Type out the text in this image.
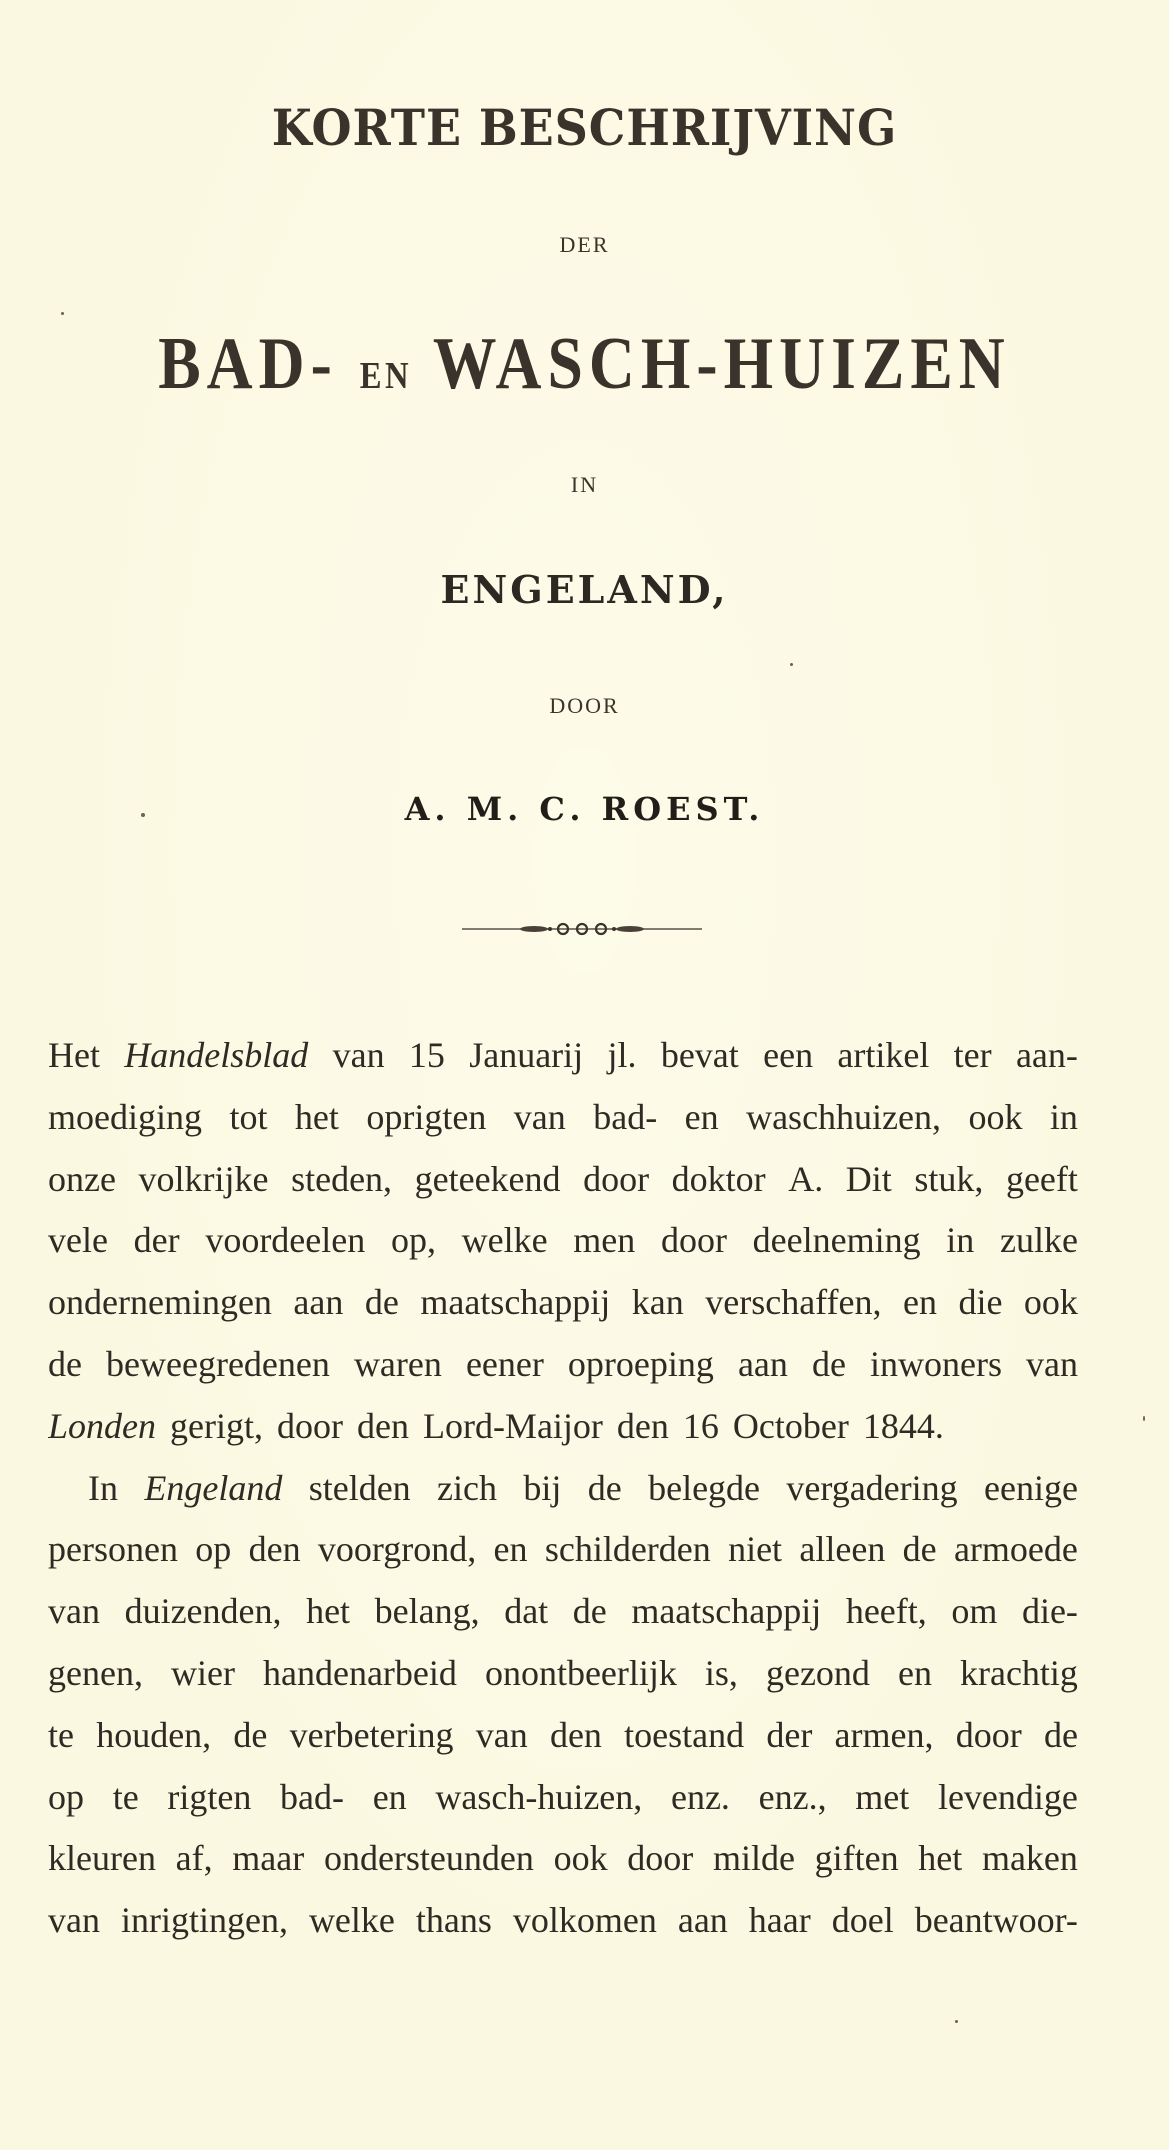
KORTE BESCHRIJVING
DER
BAD- EN WASCH-HUIZEN
IN
ENGELAND,
DOOR
A. M. C. ROEST.
Het Handelsblad van 15 Januarij jl. bevat een artikel ter aan-
moediging tot het oprigten van bad- en waschhuizen, ook in
onze volkrijke steden, geteekend door doktor A. Dit stuk, geeft
vele der voordeelen op, welke men door deelneming in zulke
ondernemingen aan de maatschappij kan verschaffen, en die ook
de beweegredenen waren eener oproeping aan de inwoners van
Londen gerigt, door den Lord-Maijor den 16 October 1844.
In Engeland stelden zich bij de belegde vergadering eenige
personen op den voorgrond, en schilderden niet alleen de armoede
van duizenden, het belang, dat de maatschappij heeft, om die-
genen, wier handenarbeid onontbeerlijk is, gezond en krachtig
te houden, de verbetering van den toestand der armen, door de
op te rigten bad- en wasch-huizen, enz. enz., met levendige
kleuren af, maar ondersteunden ook door milde giften het maken
van inrigtingen, welke thans volkomen aan haar doel beantwoor-
